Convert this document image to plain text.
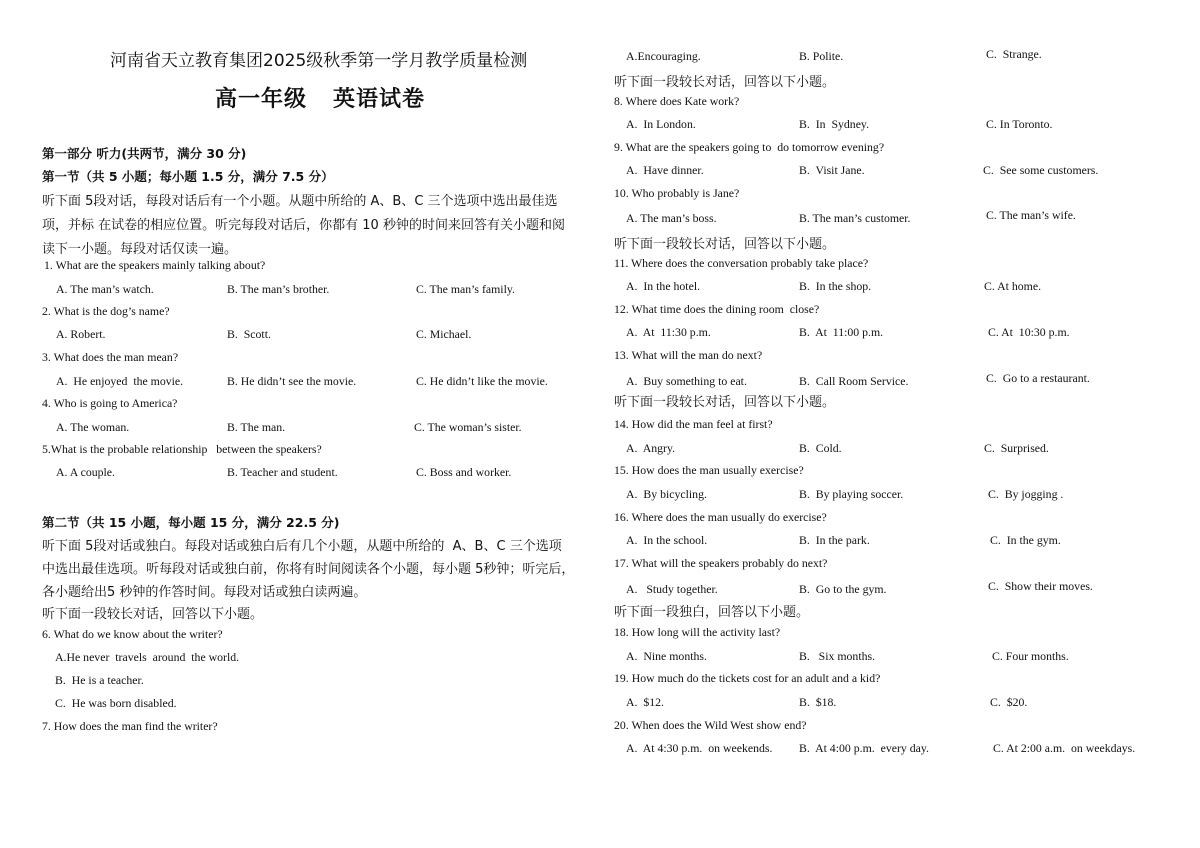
河南省天立教育集团2025级秋季第一学月教学质量检测
高一年级   英语试卷
第一部分 听力(共两节，满分 30 分)
第一节（共 5 小题；每小题 1.5 分，满分 7.5 分）
听下面 5段对话，每段对话后有一个小题。从题中所给的 A、B、C 三个选项中选出最佳选
项，并标 在试卷的相应位置。听完每段对话后，你都有 10 秒钟的时间来回答有关小题和阅
读下一小题。每段对话仅读一遍。
1. What are the speakers mainly talking about?
A. The man’s watch.	B. The man’s brother.	C. The man’s family.
2. What is the dog’s name?
A. Robert.	B.  Scott.	C. Michael.
3. What does the man mean?
A.  He enjoyed  the movie.	B. He didn’t see the movie.	C. He didn’t like the movie.
4. Who is going to America?
A. The woman.	B. The man.	C. The woman’s sister.
5.What is the probable relationship   between the speakers?
A. A couple.	B. Teacher and student.	C. Boss and worker.
第二节（共 15 小题，每小题 15 分，满分 22.5 分)
听下面 5段对话或独白。每段对话或独白后有几个小题，从题中所给的  A、B、C 三个选项
中选出最佳选项。听每段对话或独白前，你将有时间阅读各个小题，每小题 5秒钟；听完后，
各小题给出5 秒钟的作答时间。每段对话或独白读两遍。
听下面一段较长对话，回答以下小题。
6. What do we know about the writer?
A.He never  travels  around  the world.
B.  He is a teacher.
C.  He was born disabled.
7. How does the man find the writer?
A.Encouraging.	B. Polite.	C.  Strange.
听下面一段较长对话，回答以下小题。
8. Where does Kate work?
A.  In London.	B.  In  Sydney.	C. In Toronto.
9. What are the speakers going to  do tomorrow evening?
A.  Have dinner.	B.  Visit Jane.	C.  See some customers.
10. Who probably is Jane?
A. The man’s boss.	B. The man’s customer.	C. The man’s wife.
听下面一段较长对话，回答以下小题。
11. Where does the conversation probably take place?
A.  In the hotel.	B.  In the shop.	C. At home.
12. What time does the dining room  close?
A.  At  11:30 p.m.	B.  At  11:00 p.m.	C. At  10:30 p.m.
13. What will the man do next?
A.  Buy something to eat.	B.  Call Room Service.	C.  Go to a restaurant.
听下面一段较长对话，回答以下小题。
14. How did the man feel at first?
A.  Angry.	B.  Cold.	C.  Surprised.
15. How does the man usually exercise?
A.  By bicycling.	B.  By playing soccer.	C.  By jogging .
16. Where does the man usually do exercise?
A.  In the school.	B.  In the park.	C.  In the gym.
17. What will the speakers probably do next?
A.   Study together.	B.  Go to the gym.	C.  Show their moves.
听下面一段独白，回答以下小题。
18. How long will the activity last?
A.  Nine months.	B.   Six months.	C. Four months.
19. How much do the tickets cost for an adult and a kid?
A.  $12.	B.  $18.	C.  $20.
20. When does the Wild West show end?
A.  At 4:30 p.m.  on weekends. B.  At 4:00 p.m.  every day.	C. At 2:00 a.m.  on weekdays.
